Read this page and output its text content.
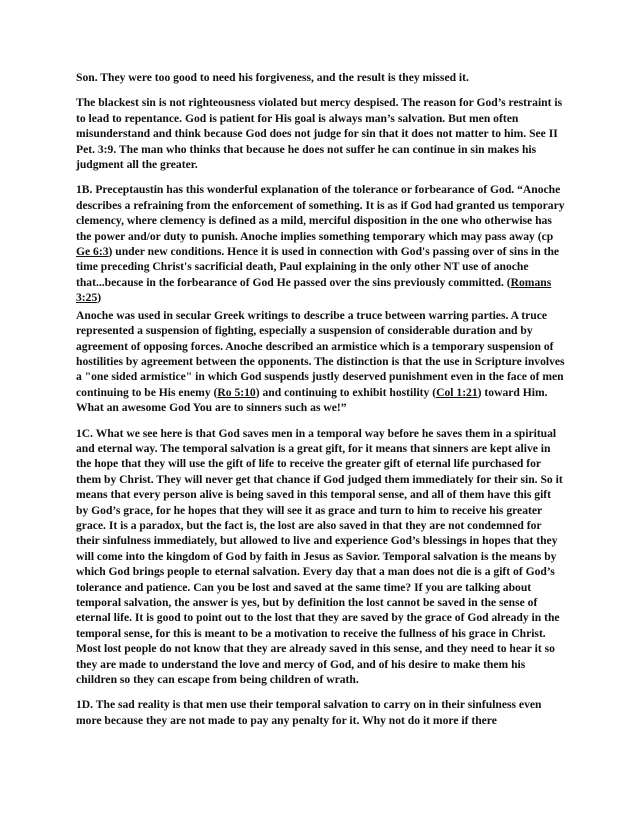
Son. They were too good to need his forgiveness, and the result is they missed it.

The blackest sin is not righteousness violated but mercy despised. The reason for God’s restraint is to lead to repentance. God is patient for His goal is always man’s salvation. But men often misunderstand and think because God does not judge for sin that it does not matter to him. See II Pet. 3:9. The man who thinks that because he does not suffer he can continue in sin makes his judgment all the greater.

1B. Preceptaustin has this wonderful explanation of the tolerance or forbearance of God. “Anoche describes a refraining from the enforcement of something. It is as if God had granted us temporary clemency, where clemency is defined as a mild, merciful disposition in the one who otherwise has the power and/or duty to punish. Anoche implies something temporary which may pass away (cp Ge 6:3) under new conditions. Hence it is used in connection with God's passing over of sins in the time preceding Christ's sacrificial death, Paul explaining in the only other NT use of anoche that...because in the forbearance of God He passed over the sins previously committed. (Romans 3:25)

Anoche was used in secular Greek writings to describe a truce between warring parties. A truce represented a suspension of fighting, especially a suspension of considerable duration and by agreement of opposing forces. Anoche described an armistice which is a temporary suspension of hostilities by agreement between the opponents. The distinction is that the use in Scripture involves a "one sided armistice" in which God suspends justly deserved punishment even in the face of men continuing to be His enemy (Ro 5:10) and continuing to exhibit hostility (Col 1:21) toward Him. What an awesome God You are to sinners such as we!”

1C. What we see here is that God saves men in a temporal way before he saves them in a spiritual and eternal way. The temporal salvation is a great gift, for it means that sinners are kept alive in the hope that they will use the gift of life to receive the greater gift of eternal life purchased for them by Christ. They will never get that chance if God judged them immediately for their sin. So it means that every person alive is being saved in this temporal sense, and all of them have this gift by God’s grace, for he hopes that they will see it as grace and turn to him to receive his greater grace. It is a paradox, but the fact is, the lost are also saved in that they are not condemned for their sinfulness immediately, but allowed to live and experience God’s blessings in hopes that they will come into the kingdom of God by faith in Jesus as Savior. Temporal salvation is the means by which God brings people to eternal salvation. Every day that a man does not die is a gift of God’s tolerance and patience. Can you be lost and saved at the same time? If you are talking about temporal salvation, the answer is yes, but by definition the lost cannot be saved in the sense of eternal life. It is good to point out to the lost that they are saved by the grace of God already in the temporal sense, for this is meant to be a motivation to receive the fullness of his grace in Christ. Most lost people do not know that they are already saved in this sense, and they need to hear it so they are made to understand the love and mercy of God, and of his desire to make them his children so they can escape from being children of wrath.

1D. The sad reality is that men use their temporal salvation to carry on in their sinfulness even more because they are not made to pay any penalty for it. Why not do it more if there
